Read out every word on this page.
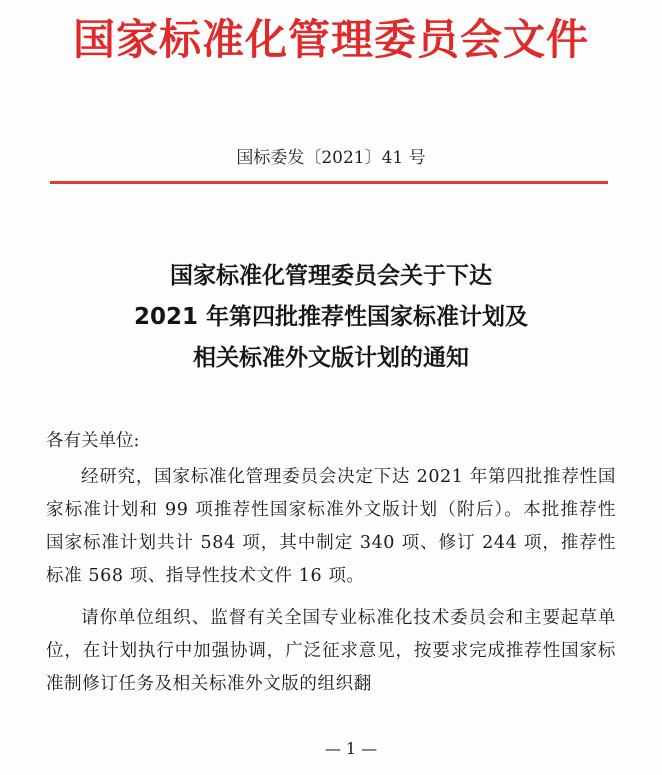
国家标准化管理委员会文件
国标委发〔2021〕41 号
国家标准化管理委员会关于下达
2021 年第四批推荐性国家标准计划及
相关标准外文版计划的通知
各有关单位:
经研究，国家标准化管理委员会决定下达 2021 年第四批推荐性国家标准计划和 99 项推荐性国家标准外文版计划（附后）。本批推荐性国家标准计划共计 584 项，其中制定 340 项、修订 244 项，推荐性标准 568 项、指导性技术文件 16 项。
请你单位组织、监督有关全国专业标准化技术委员会和主要起草单位，在计划执行中加强协调，广泛征求意见，按要求完成推荐性国家标准制修订任务及相关标准外文版的组织翻
— 1 —
